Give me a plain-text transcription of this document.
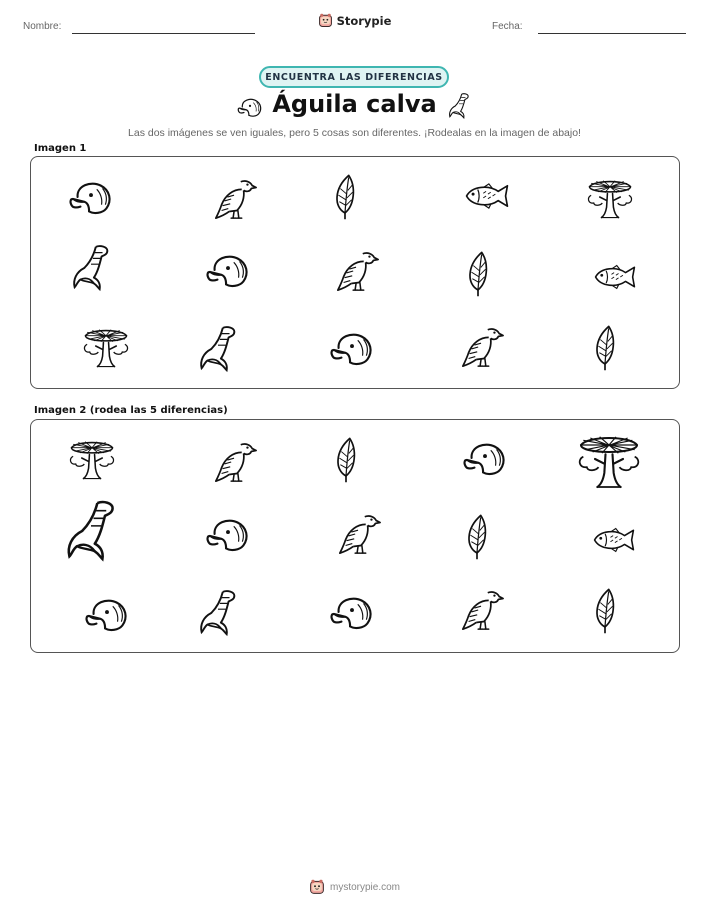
Nombre:	Storypie	Fecha:
ENCUENTRA LAS DIFERENCIAS
Águila calva
Las dos imágenes se ven iguales, pero 5 cosas son diferentes. ¡Rodealas en la imagen de abajo!
Imagen 1
Imagen 2 (rodea las 5 diferencias)
mystorypie.com
